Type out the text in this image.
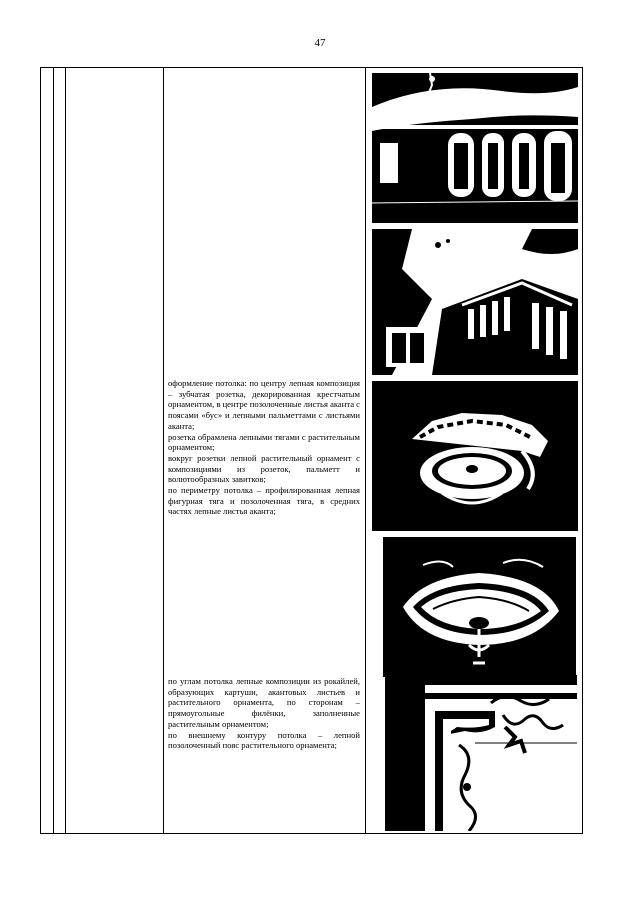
47

оформление потолка: по центру лепная композиция – зубчатая розетка, декорированная крестчатым орнаментом, в центре позолоченные листья аканта с поясами «бус» и лепными пальметтами с листьями аканта;

розетка обрамлена лепными тягами с растительным орнаментом;

вокруг розетки лепной растительный орнамент с композициями из розеток, пальметт и волютообразных завитков;

по периметру потолка – профилированная лепная фигурная тяга и позолоченная тяга, в средних частях лепные листья аканта;

по углам потолка лепные композиции из рокайлей, образующих картуши, акантовых листьев и растительного орнамента, по сторонам – прямоугольные филёнки, заполненные растительным орнаментом;

по внешнему контуру потолка – лепной позолоченный пояс растительного орнамента;
